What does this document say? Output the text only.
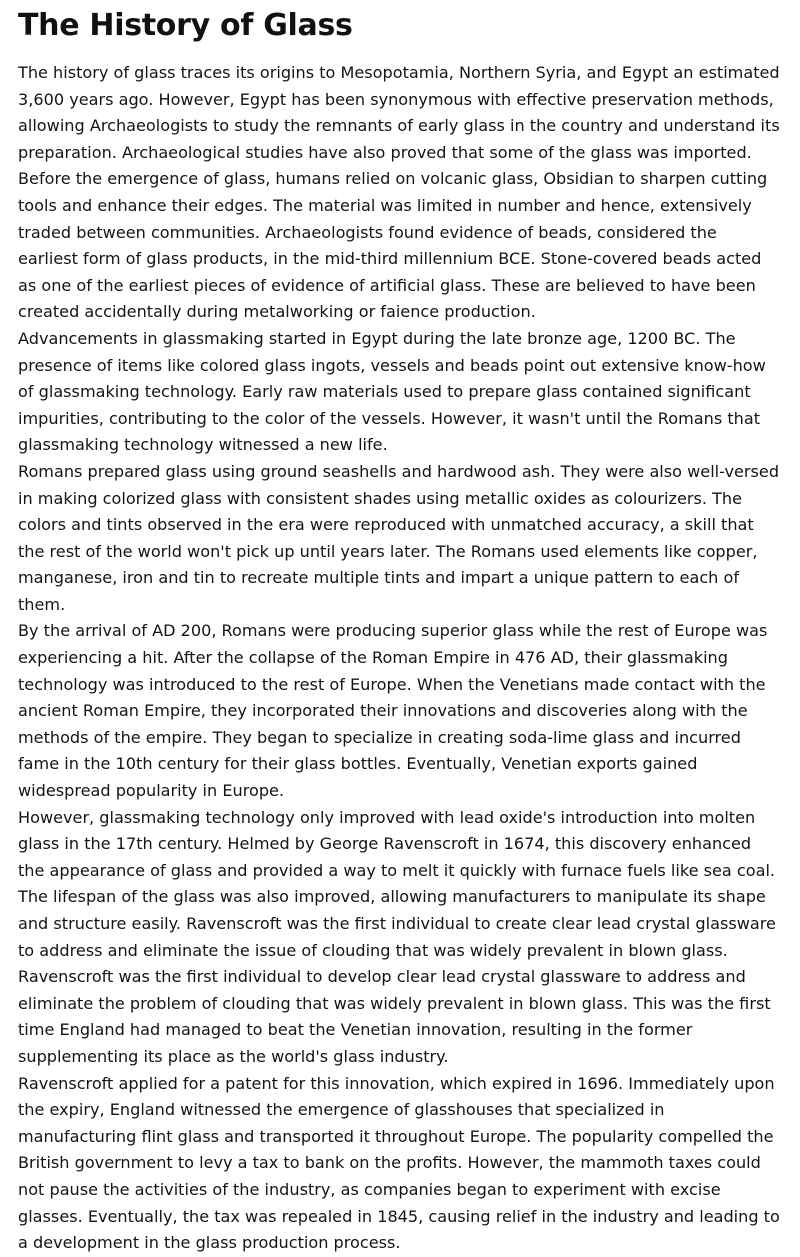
The History of Glass

The history of glass traces its origins to Mesopotamia, Northern Syria, and Egypt an estimated 3,600 years ago. However, Egypt has been synonymous with effective preservation methods, allowing Archaeologists to study the remnants of early glass in the country and understand its preparation. Archaeological studies have also proved that some of the glass was imported.

Before the emergence of glass, humans relied on volcanic glass, Obsidian to sharpen cutting tools and enhance their edges. The material was limited in number and hence, extensively traded between communities. Archaeologists found evidence of beads, considered the earliest form of glass products, in the mid-third millennium BCE. Stone-covered beads acted as one of the earliest pieces of evidence of artificial glass. These are believed to have been created accidentally during metalworking or faience production.

Advancements in glassmaking started in Egypt during the late bronze age, 1200 BC. The presence of items like colored glass ingots, vessels and beads point out extensive know-how of glassmaking technology. Early raw materials used to prepare glass contained significant impurities, contributing to the color of the vessels. However, it wasn't until the Romans that glassmaking technology witnessed a new life.

Romans prepared glass using ground seashells and hardwood ash. They were also well-versed in making colorized glass with consistent shades using metallic oxides as colourizers. The colors and tints observed in the era were reproduced with unmatched accuracy, a skill that the rest of the world won't pick up until years later. The Romans used elements like copper, manganese, iron and tin to recreate multiple tints and impart a unique pattern to each of them.

By the arrival of AD 200, Romans were producing superior glass while the rest of Europe was experiencing a hit. After the collapse of the Roman Empire in 476 AD, their glassmaking technology was introduced to the rest of Europe. When the Venetians made contact with the ancient Roman Empire, they incorporated their innovations and discoveries along with the methods of the empire. They began to specialize in creating soda-lime glass and incurred fame in the 10th century for their glass bottles. Eventually, Venetian exports gained widespread popularity in Europe.

However, glassmaking technology only improved with lead oxide's introduction into molten glass in the 17th century. Helmed by George Ravenscroft in 1674, this discovery enhanced the appearance of glass and provided a way to melt it quickly with furnace fuels like sea coal. The lifespan of the glass was also improved, allowing manufacturers to manipulate its shape and structure easily. Ravenscroft was the first individual to create clear lead crystal glassware to address and eliminate the issue of clouding that was widely prevalent in blown glass. Ravenscroft was the first individual to develop clear lead crystal glassware to address and eliminate the problem of clouding that was widely prevalent in blown glass. This was the first time England had managed to beat the Venetian innovation, resulting in the former supplementing its place as the world's glass industry.

Ravenscroft applied for a patent for this innovation, which expired in 1696. Immediately upon the expiry, England witnessed the emergence of glasshouses that specialized in manufacturing flint glass and transported it throughout Europe. The popularity compelled the British government to levy a tax to bank on the profits. However, the mammoth taxes could not pause the activities of the industry, as companies began to experiment with excise glasses. Eventually, the tax was repealed in 1845, causing relief in the industry and leading to a development in the glass production process.
